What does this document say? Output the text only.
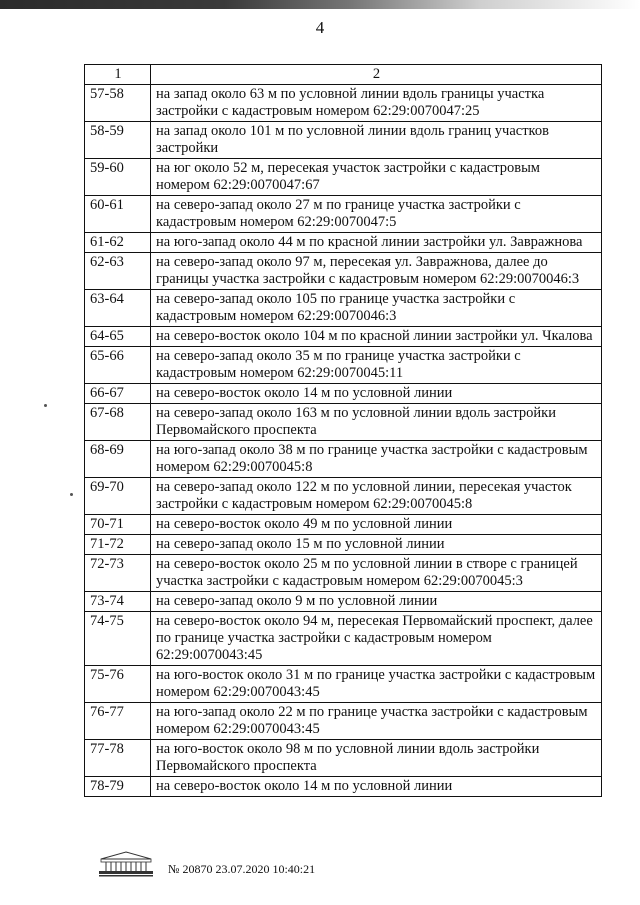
4
1	2
57-58	на запад около 63 м по условной линии вдоль границы участка застройки с кадастровым номером 62:29:0070047:25
58-59	на запад около 101 м по условной линии вдоль границ участков застройки
59-60	на юг около 52 м, пересекая участок застройки с кадастровым номером 62:29:0070047:67
60-61	на северо-запад около 27 м по границе участка застройки с кадастровым номером 62:29:0070047:5
61-62	на юго-запад около 44 м по красной линии застройки ул. Завражнова
62-63	на северо-запад около 97 м, пересекая ул. Завражнова, далее до границы участка застройки с кадастровым номером 62:29:0070046:3
63-64	на северо-запад около 105 по границе участка застройки с кадастровым номером 62:29:0070046:3
64-65	на северо-восток около 104 м по красной линии застройки ул. Чкалова
65-66	на северо-запад около 35 м по границе участка застройки с кадастровым номером 62:29:0070045:11
66-67	на северо-восток около 14 м по условной линии
67-68	на северо-запад около 163 м по условной линии вдоль застройки Первомайского проспекта
68-69	на юго-запад около 38 м по границе участка застройки с кадастровым номером 62:29:0070045:8
69-70	на северо-запад около 122 м по условной линии, пересекая участок застройки с кадастровым номером 62:29:0070045:8
70-71	на северо-восток около 49 м по условной линии
71-72	на северо-запад около 15 м по условной линии
72-73	на северо-восток около 25 м по условной линии в створе с границей участка застройки с кадастровым номером 62:29:0070045:3
73-74	на северо-запад около 9 м по условной линии
74-75	на северо-восток около 94 м, пересекая Первомайский проспект, далее по границе участка застройки с кадастровым номером 62:29:0070043:45
75-76	на юго-восток около 31 м по границе участка застройки с кадастровым номером 62:29:0070043:45
76-77	на юго-запад около 22 м по границе участка застройки с кадастровым номером 62:29:0070043:45
77-78	на юго-восток около 98 м по условной линии вдоль застройки Первомайского проспекта
78-79	на северо-восток около 14 м по условной линии
№ 20870 23.07.2020 10:40:21
